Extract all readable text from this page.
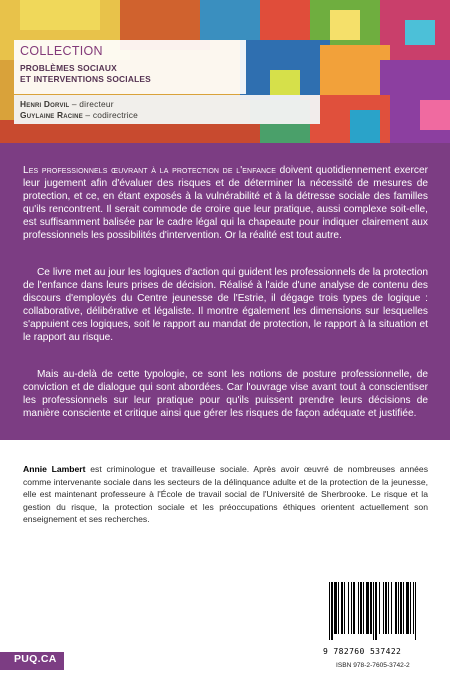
COLLECTION
PROBLÈMES SOCIAUX
ET INTERVENTIONS SOCIALES
Henri Dorvil – directeur
Guylaine Racine – codirectrice

Les professionnels œuvrant à la protection de l'enfance doivent quotidiennement exercer leur jugement afin d'évaluer des risques et de déterminer la nécessité de mesures de protection, et ce, en étant exposés à la vulnérabilité et à la détresse sociale des familles qu'ils rencontrent. Il serait commode de croire que leur pratique, aussi complexe soit-elle, est suffisamment balisée par le cadre légal qui la chapeaute pour indiquer clairement aux professionnels les possibilités d'intervention. Or la réalité est tout autre.

Ce livre met au jour les logiques d'action qui guident les professionnels de la protection de l'enfance dans leurs prises de décision. Réalisé à l'aide d'une analyse de contenu des discours d'employés du Centre jeunesse de l'Estrie, il dégage trois types de logique : collaborative, délibérative et légaliste. Il montre également les dimensions sur lesquelles s'appuient ces logiques, soit le rapport au mandat de protection, le rapport à la situation et le rapport au risque.

Mais au-delà de cette typologie, ce sont les notions de posture professionnelle, de conviction et de dialogue qui sont abordées. Car l'ouvrage vise avant tout à conscientiser les professionnels sur leur pratique pour qu'ils puissent prendre leurs décisions de manière consciente et critique ainsi que gérer les risques de façon adéquate et justifiée.

Annie Lambert est criminologue et travailleuse sociale. Après avoir œuvré de nombreuses années comme intervenante sociale dans les secteurs de la délinquance adulte et de la protection de la jeunesse, elle est maintenant professeure à l'École de travail social de l'Université de Sherbrooke. Le risque et la gestion du risque, la protection sociale et les préoccupations éthiques orientent actuellement son enseignement et ses recherches.

PUQ.CA
9 782760 537422
ISBN 978-2-7605-3742-2
